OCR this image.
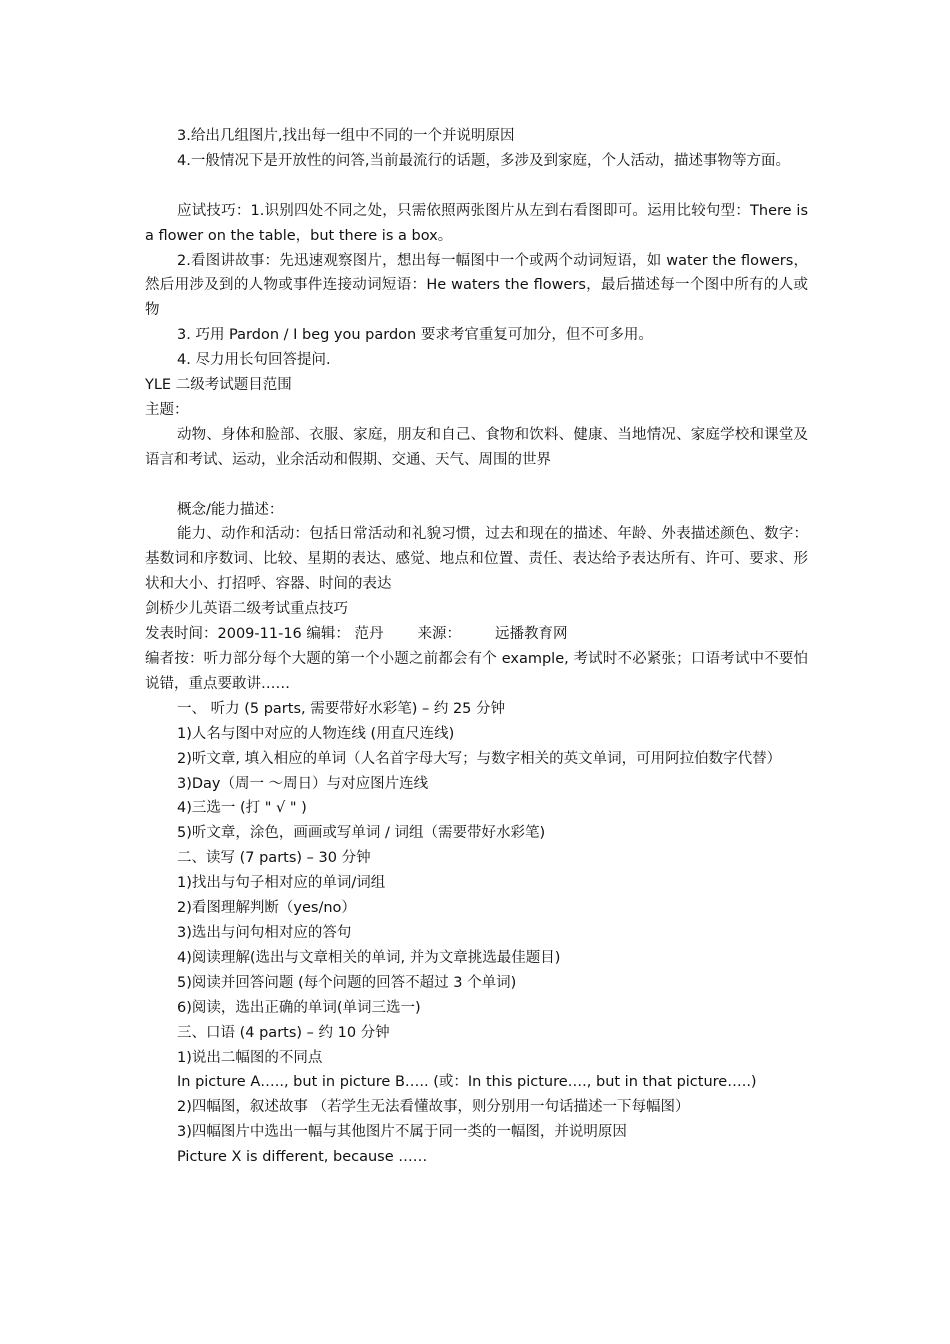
3.给出几组图片,找出每一组中不同的一个并说明原因

4.一般情况下是开放性的问答,当前最流行的话题，多涉及到家庭，个人活动，描述事物等方面。

应试技巧：1.识别四处不同之处，只需依照两张图片从左到右看图即可。运用比较句型：There is a flower on the table，but there is a box。

2.看图讲故事：先迅速观察图片，想出每一幅图中一个或两个动词短语，如 water the flowers，然后用涉及到的人物或事件连接动词短语：He waters the flowers，最后描述每一个图中所有的人或物

3. 巧用 Pardon / I beg you pardon 要求考官重复可加分，但不可多用。

4. 尽力用长句回答提问.

YLE 二级考试题目范围

主题：

动物、身体和脸部、衣服、家庭，朋友和自己、食物和饮料、健康、当地情况、家庭学校和课堂及语言和考试、运动，业余活动和假期、交通、天气、周围的世界

概念/能力描述：

能力、动作和活动：包括日常活动和礼貌习惯，过去和现在的描述、年龄、外表描述颜色、数字：基数词和序数词、比较、星期的表达、感觉、地点和位置、责任、表达给予表达所有、许可、要求、形状和大小、打招呼、容器、时间的表达

剑桥少儿英语二级考试重点技巧

发表时间：2009-11-16 编辑： 范丹 来源： 远播教育网

编者按：听力部分每个大题的第一个小题之前都会有个 example, 考试时不必紧张；口语考试中不要怕说错，重点要敢讲……

一、 听力 (5 parts, 需要带好水彩笔) – 约 25 分钟

1)人名与图中对应的人物连线 (用直尺连线)

2)听文章, 填入相应的单词（人名首字母大写；与数字相关的英文单词，可用阿拉伯数字代替）

3)Day（周一 ～周日）与对应图片连线

4)三选一 (打 " √ " )

5)听文章，涂色，画画或写单词 / 词组（需要带好水彩笔)

二、读写 (7 parts) – 30 分钟

1)找出与句子相对应的单词/词组

2)看图理解判断（yes/no）

3)选出与问句相对应的答句

4)阅读理解(选出与文章相关的单词, 并为文章挑选最佳题目)

5)阅读并回答问题 (每个问题的回答不超过 3 个单词)

6)阅读，选出正确的单词(单词三选一)

三、口语 (4 parts) – 约 10 分钟

1)说出二幅图的不同点

In picture A….., but in picture B….. (或：In this picture…., but in that picture…..)

2)四幅图，叙述故事 （若学生无法看懂故事，则分别用一句话描述一下每幅图）

3)四幅图片中选出一幅与其他图片不属于同一类的一幅图，并说明原因

Picture X is different, because ……
